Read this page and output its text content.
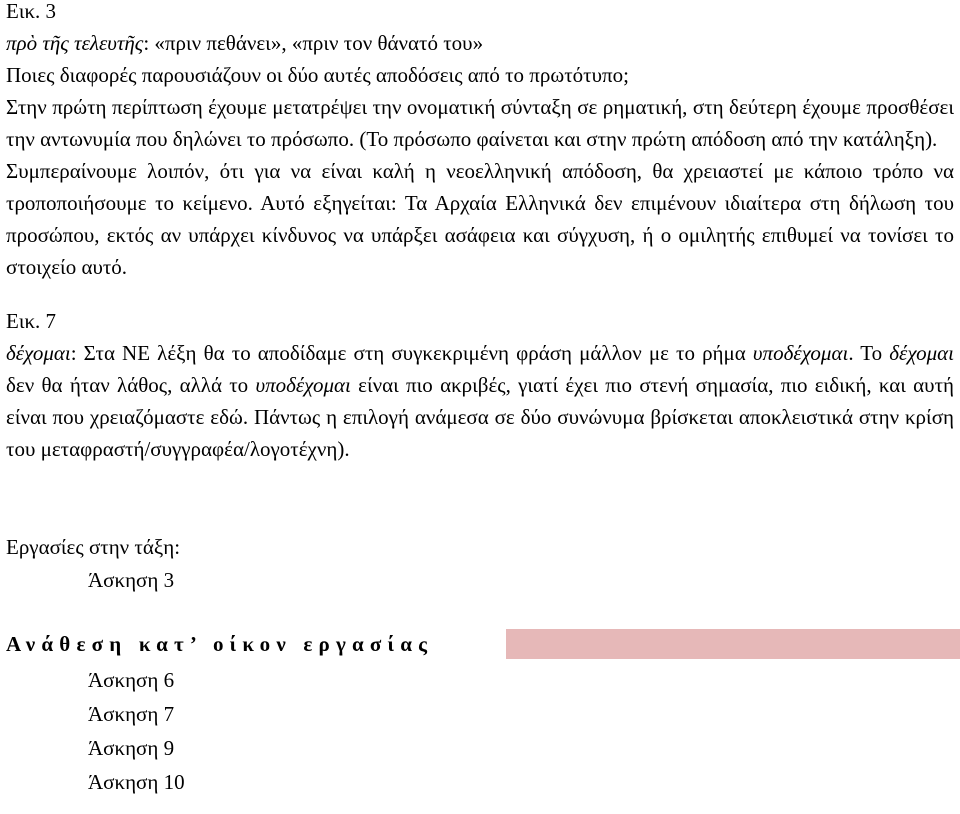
Εικ. 3

πρὸ τῆς τελευτῆς: «πριν πεθάνει», «πριν τον θάνατό του»

Ποιες διαφορές παρουσιάζουν οι δύο αυτές αποδόσεις από το πρωτότυπο;

Στην πρώτη περίπτωση έχουμε μετατρέψει την ονοματική σύνταξη σε ρηματική, στη δεύτερη έχουμε προσθέσει την αντωνυμία που δηλώνει το πρόσωπο. (Το πρόσωπο φαίνεται και στην πρώτη απόδοση από την κατάληξη).

Συμπεραίνουμε λοιπόν, ότι για να είναι καλή η νεοελληνική απόδοση, θα χρειαστεί με κάποιο τρόπο να τροποποιήσουμε το κείμενο. Αυτό εξηγείται: Τα Αρχαία Ελληνικά δεν επιμένουν ιδιαίτερα στη δήλωση του προσώπου, εκτός αν υπάρχει κίνδυνος να υπάρξει ασάφεια και σύγχυση, ή ο ομιλητής επιθυμεί να τονίσει το στοιχείο αυτό.

Εικ. 7

δέχομαι: Στα ΝΕ λέξη θα το αποδίδαμε στη συγκεκριμένη φράση μάλλον με το ρήμα υποδέχομαι. Το δέχομαι δεν θα ήταν λάθος, αλλά το υποδέχομαι είναι πιο ακριβές, γιατί έχει πιο στενή σημασία, πιο ειδική, και αυτή είναι που χρειαζόμαστε εδώ. Πάντως η επιλογή ανάμεσα σε δύο συνώνυμα βρίσκεται αποκλειστικά στην κρίση του μεταφραστή/συγγραφέα/λογοτέχνη).

Εργασίες στην τάξη:

Άσκηση 3
Ανάθεση κατ’ οίκον εργασίας
Άσκηση 6
Άσκηση 7
Άσκηση 9
Άσκηση 10
